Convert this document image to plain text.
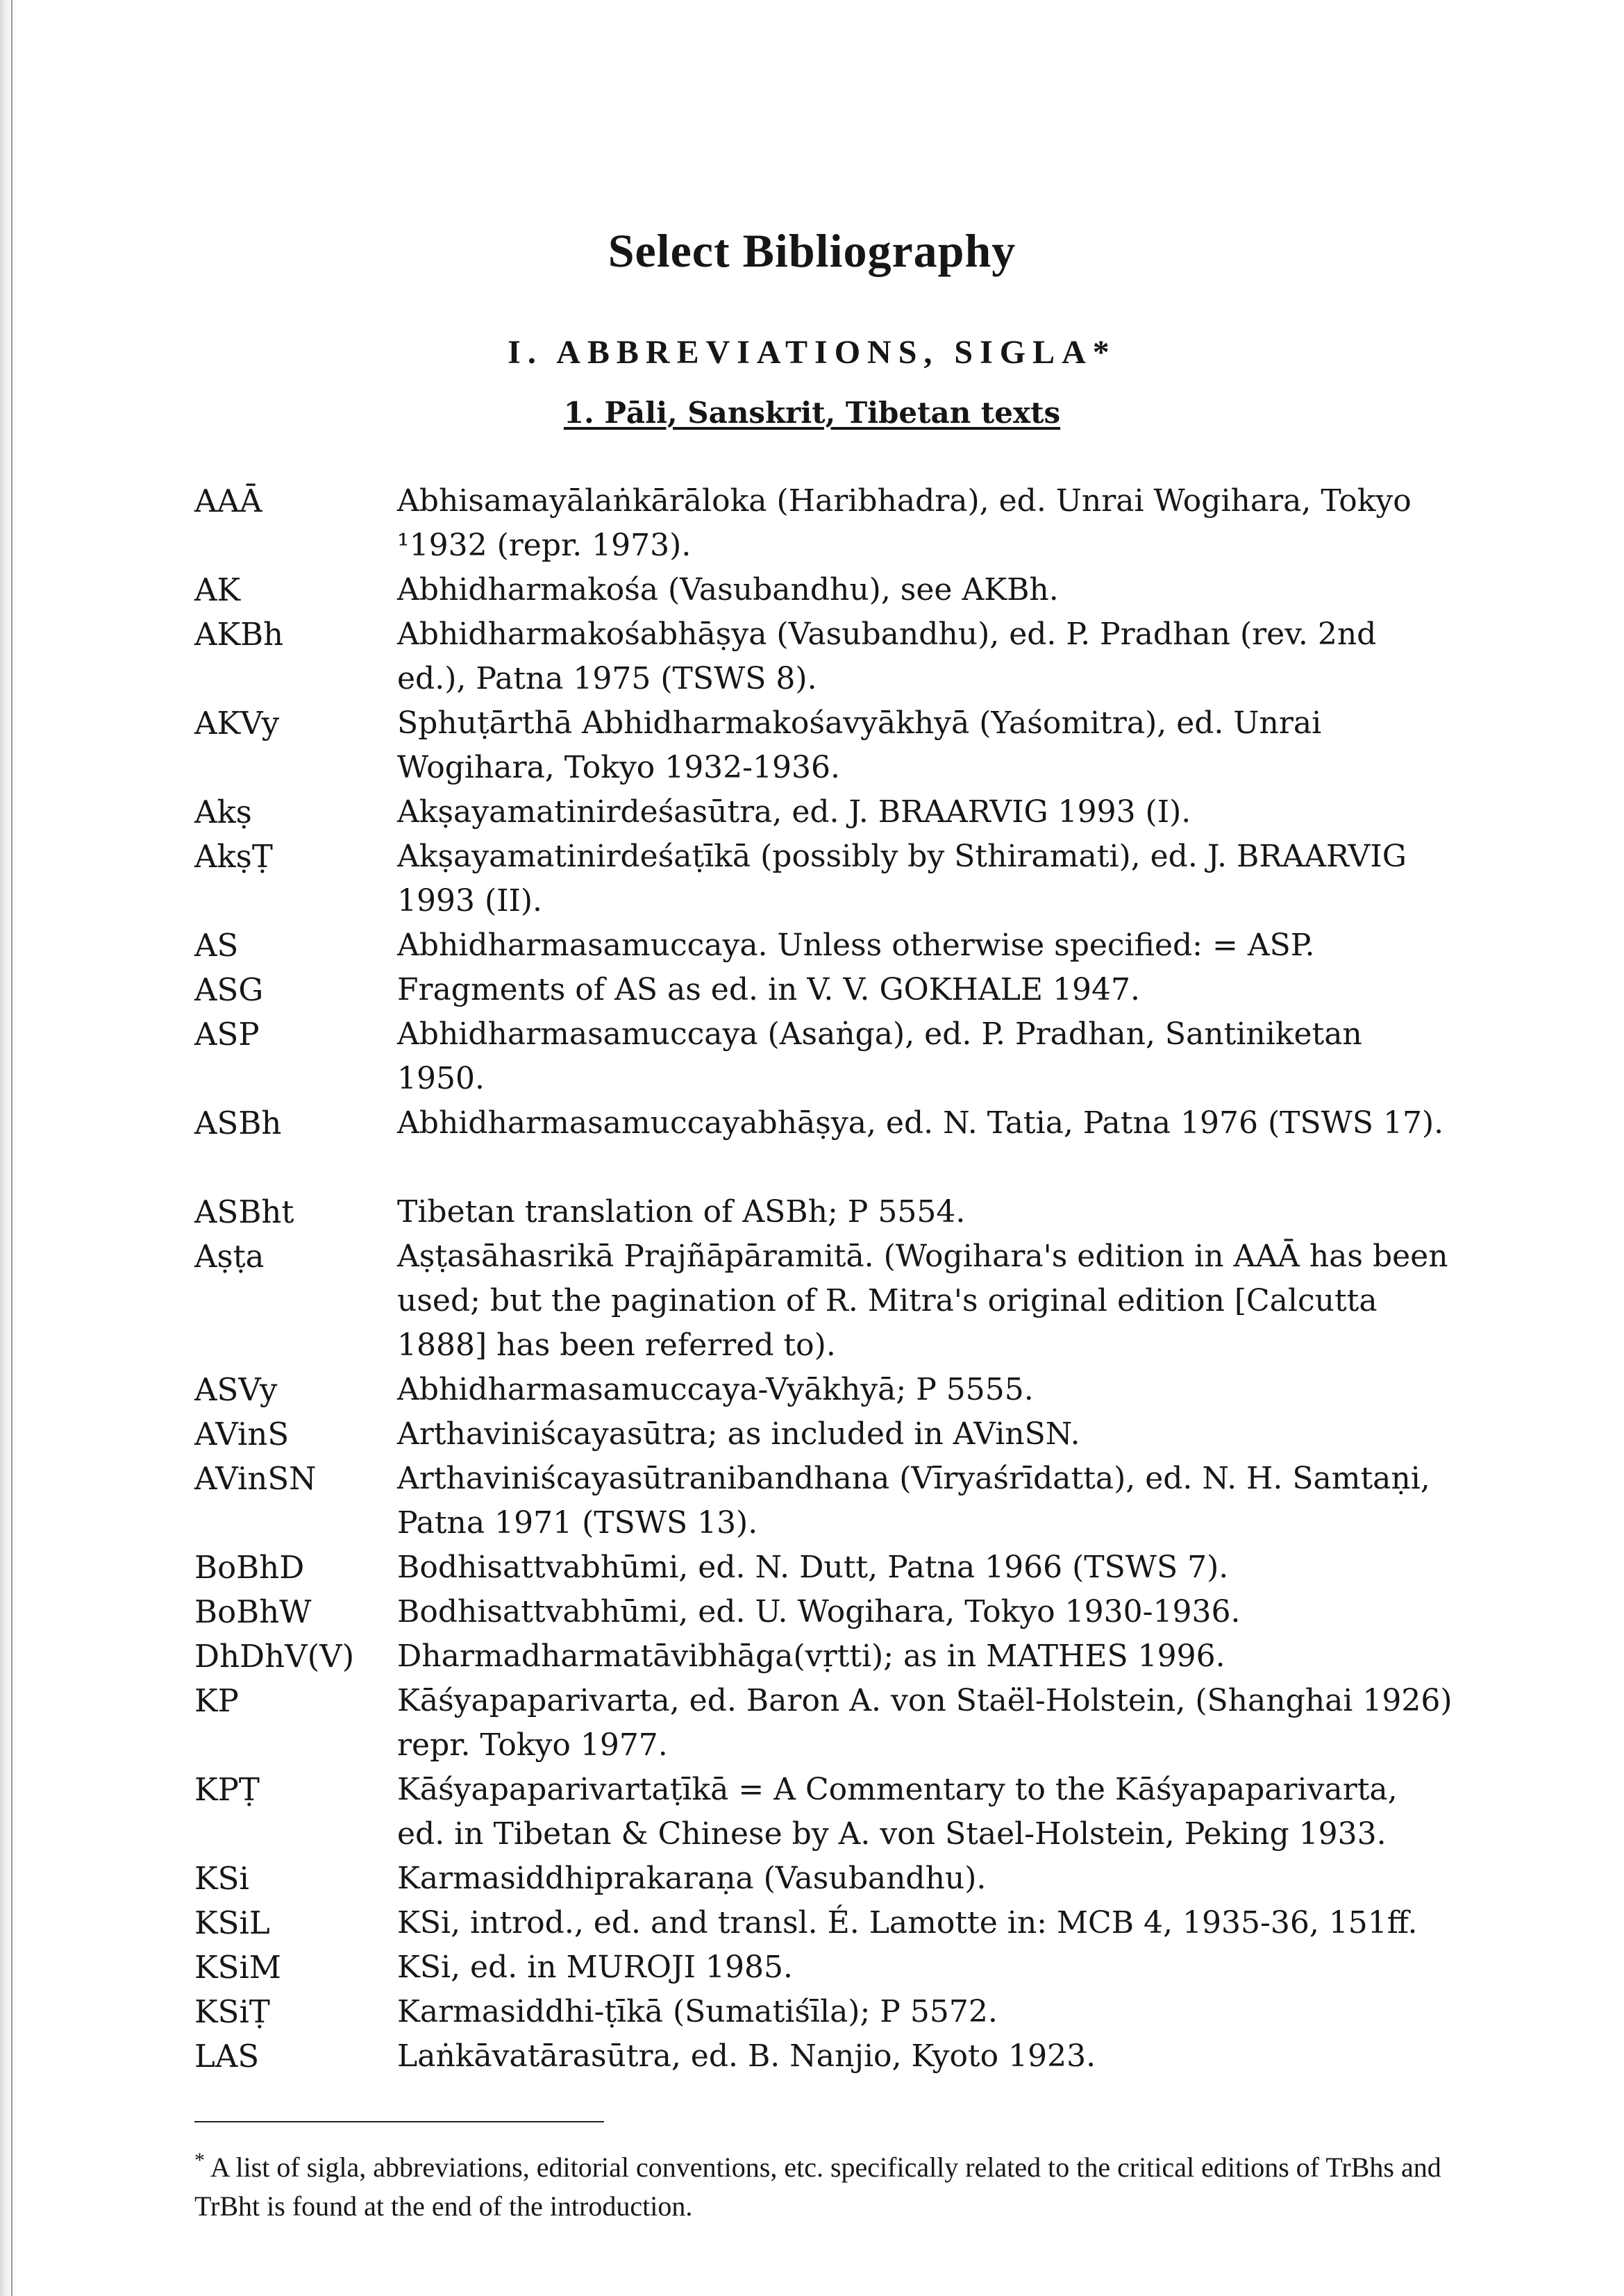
Select Bibliography
I. ABBREVIATIONS, SIGLA*
1. Pāli, Sanskrit, Tibetan texts
AAĀ	Abhisamayālaṅkārāloka (Haribhadra), ed. Unrai Wogihara, Tokyo ¹1932 (repr. 1973).
AK	Abhidharmakośa (Vasubandhu), see AKBh.
AKBh	Abhidharmakośabhāṣya (Vasubandhu), ed. P. Pradhan (rev. 2nd ed.), Patna 1975 (TSWS 8).
AKVy	Sphuṭārthā Abhidharmakośavyākhyā (Yaśomitra), ed. Unrai Wogihara, Tokyo 1932-1936.
Akṣ	Akṣayamatinirdeśasūtra, ed. J. BRAARVIG 1993 (I).
AkṣṬ	Akṣayamatinirdeśaṭīkā (possibly by Sthiramati), ed. J. BRAARVIG 1993 (II).
AS	Abhidharmasamuccaya. Unless otherwise specified: = ASP.
ASG	Fragments of AS as ed. in V. V. GOKHALE 1947.
ASP	Abhidharmasamuccaya (Asaṅga), ed. P. Pradhan, Santiniketan 1950.
ASBh	Abhidharmasamuccayabhāṣya, ed. N. Tatia, Patna 1976 (TSWS 17).
ASBht	Tibetan translation of ASBh; P 5554.
Aṣṭa	Aṣṭasāhasrikā Prajñāpāramitā. (Wogihara's edition in AAĀ has been used; but the pagination of R. Mitra's original edition [Calcutta 1888] has been referred to).
ASVy	Abhidharmasamuccaya-Vyākhyā; P 5555.
AVinS	Arthaviniścayasūtra; as included in AVinSN.
AVinSN	Arthaviniścayasūtranibandhana (Vīryaśrīdatta), ed. N. H. Samtaṇi, Patna 1971 (TSWS 13).
BoBhD	Bodhisattvabhūmi, ed. N. Dutt, Patna 1966 (TSWS 7).
BoBhW	Bodhisattvabhūmi, ed. U. Wogihara, Tokyo 1930-1936.
DhDhV(V) Dharmadharmatāvibhāga(vṛtti); as in MATHES 1996.
KP	Kāśyapaparivarta, ed. Baron A. von Staël-Holstein, (Shanghai 1926) repr. Tokyo 1977.
KPṬ	Kāśyapaparivartaṭīkā = A Commentary to the Kāśyapaparivarta, ed. in Tibetan & Chinese by A. von Stael-Holstein, Peking 1933.
KSi	Karmasiddhiprakaraṇa (Vasubandhu).
KSiL	KSi, introd., ed. and transl. É. Lamotte in: MCB 4, 1935-36, 151ff.
KSiM	KSi, ed. in MUROJI 1985.
KSiṬ	Karmasiddhi-ṭīkā (Sumatiśīla); P 5572.
LAS	Laṅkāvatārasūtra, ed. B. Nanjio, Kyoto 1923.

* A list of sigla, abbreviations, editorial conventions, etc. specifically related to the critical editions of TrBhs and TrBht is found at the end of the introduction.
